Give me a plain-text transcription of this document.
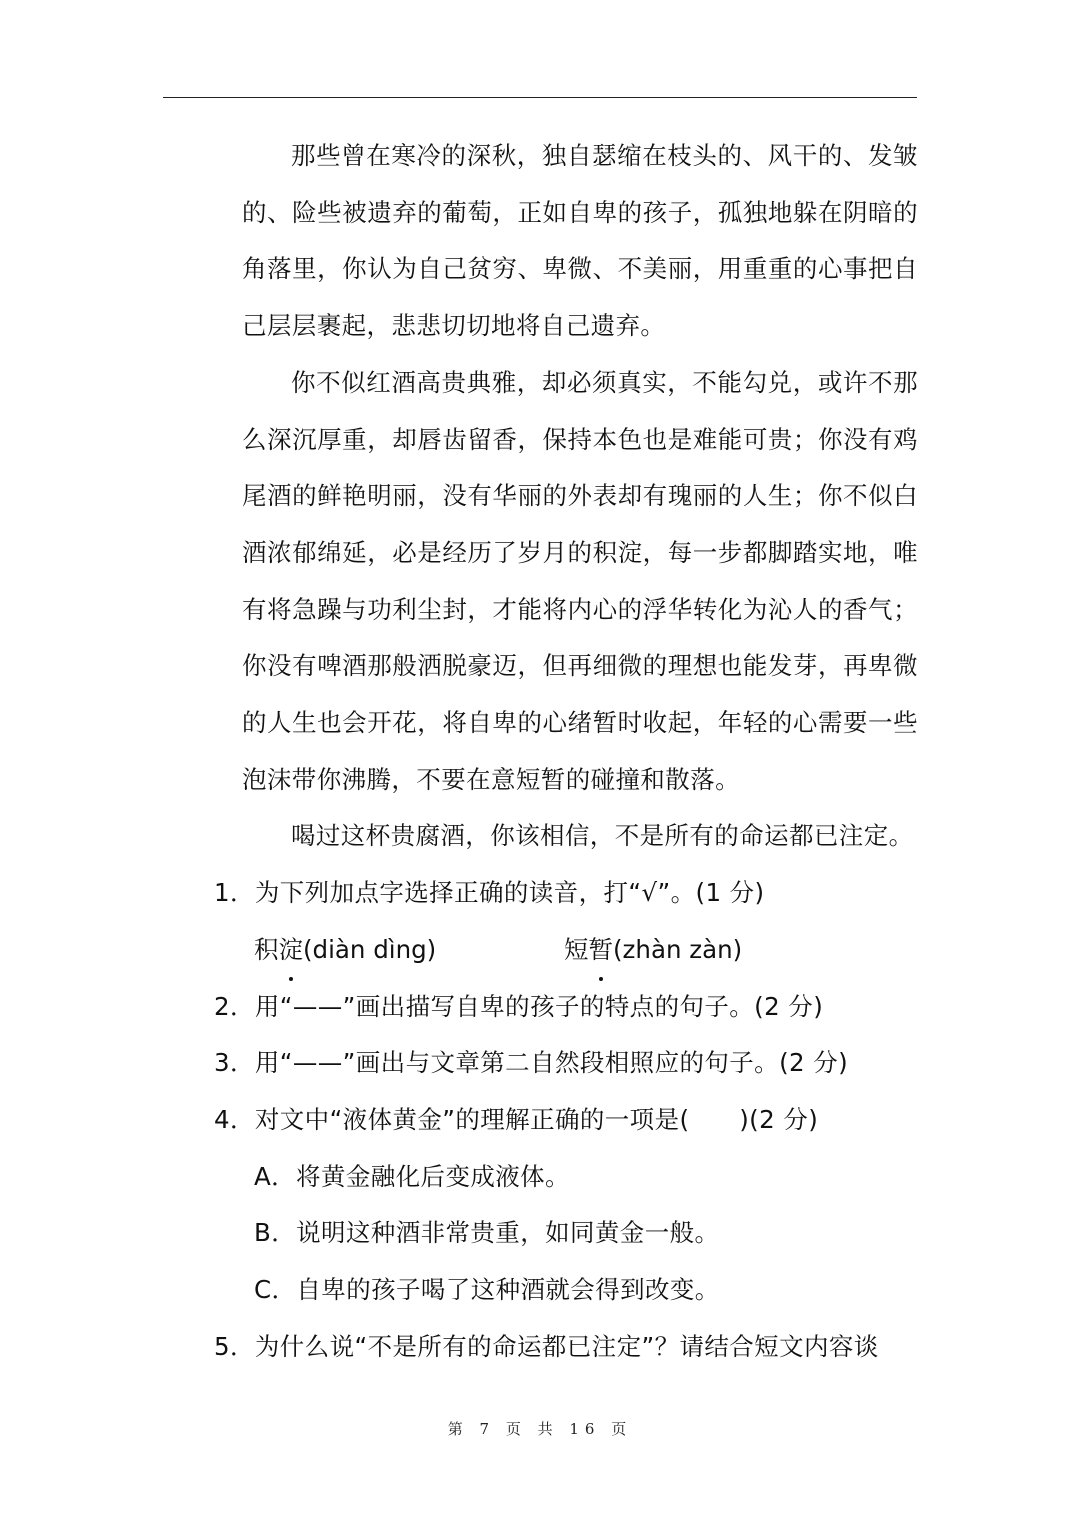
那些曾在寒冷的深秋，独自瑟缩在枝头的、风干的、发皱的、险些被遗弃的葡萄，正如自卑的孩子，孤独地躲在阴暗的角落里，你认为自己贫穷、卑微、不美丽，用重重的心事把自己层层裹起，悲悲切切地将自己遗弃。

你不似红酒高贵典雅，却必须真实，不能勾兑，或许不那么深沉厚重，却唇齿留香，保持本色也是难能可贵；你没有鸡尾酒的鲜艳明丽，没有华丽的外表却有瑰丽的人生；你不似白酒浓郁绵延，必是经历了岁月的积淀，每一步都脚踏实地，唯有将急躁与功利尘封，才能将内心的浮华转化为沁人的香气；你没有啤酒那般洒脱豪迈，但再细微的理想也能发芽，再卑微的人生也会开花，将自卑的心绪暂时收起，年轻的心需要一些泡沫带你沸腾，不要在意短暂的碰撞和散落。

喝过这杯贵腐酒，你该相信，不是所有的命运都已注定。

1．为下列加点字选择正确的读音，打“√”。(1 分)
积淀(diàn dìng)	短暂(zhàn zàn)
2．用“——”画出描写自卑的孩子的特点的句子。(2 分)
3．用“——”画出与文章第二自然段相照应的句子。(2 分)
4．对文中“液体黄金”的理解正确的一项是(　　)(2 分)
A．将黄金融化后变成液体。
B．说明这种酒非常贵重，如同黄金一般。
C．自卑的孩子喝了这种酒就会得到改变。
5．为什么说“不是所有的命运都已注定”？请结合短文内容谈
第 7 页 共 16 页
